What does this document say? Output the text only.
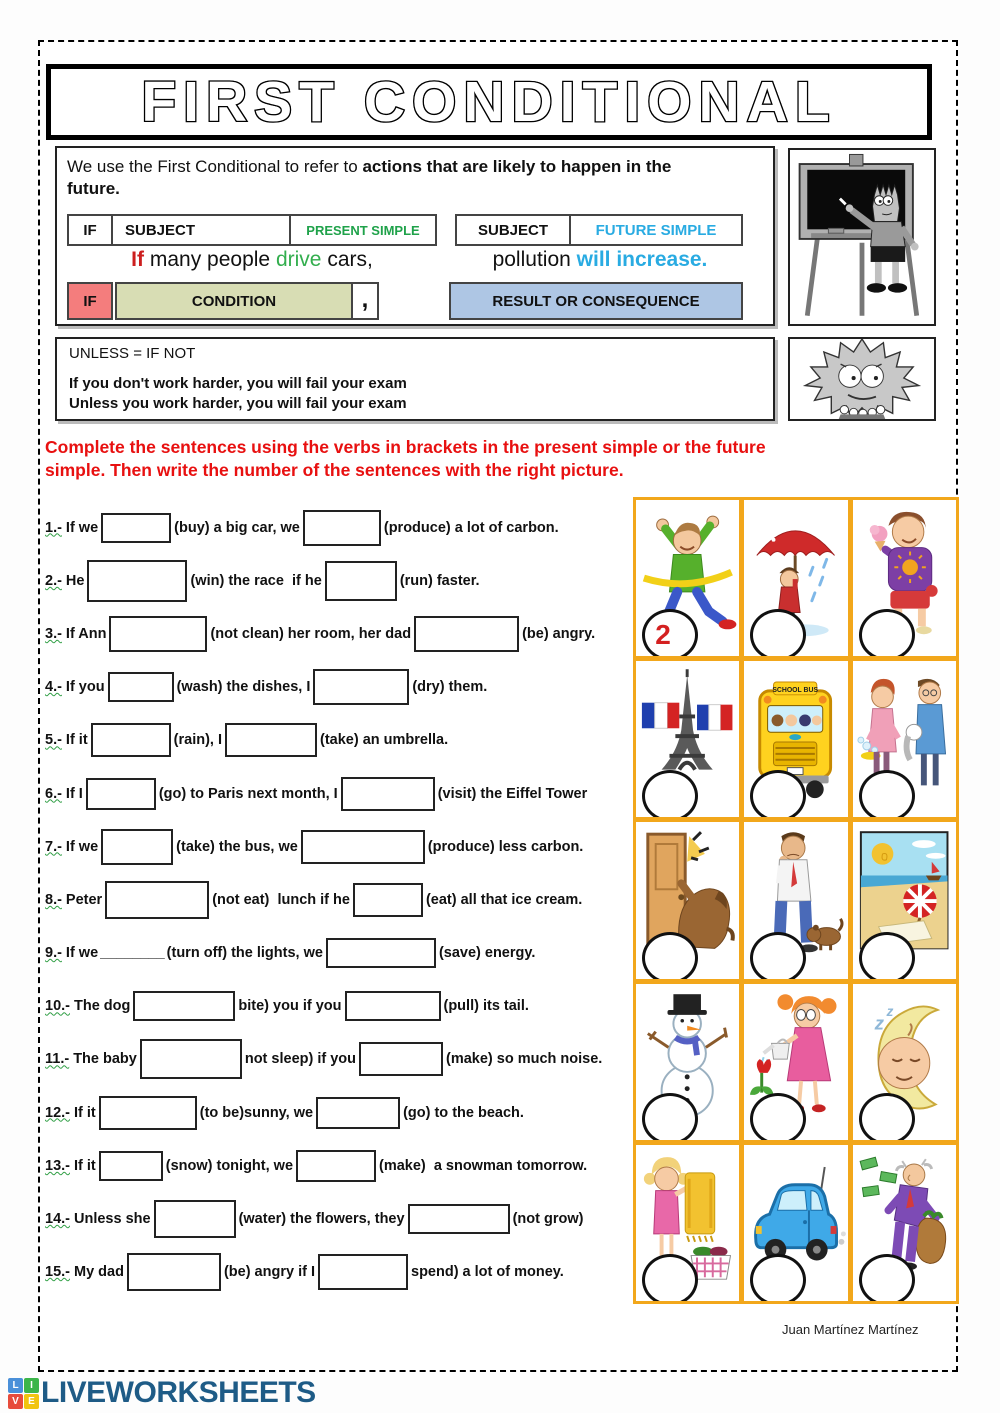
FIRST CONDITIONAL

We use the First Conditional to refer to actions that are likely to happen in the future.

IF	SUBJECT	PRESENT SIMPLE	SUBJECT	FUTURE SIMPLE
If many people drive cars,	pollution will increase.
IF	CONDITION	,	RESULT OR CONSEQUENCE
UNLESS = IF NOT
If you don't work harder, you will fail your exam
Unless you work harder, you will fail your exam
Complete the sentences using the verbs in brackets in the present simple or the future
simple. Then write the number of the sentences with the right picture.
1.- If we	(buy) a big car, we	(produce) a lot of carbon.
2.- He	(win) the race  if he	(run) faster.
3.- If Ann	(not clean) her room, her dad	(be) angry.
4.- If you	(wash) the dishes, I	(dry) them.
5.- If it	(rain), I	(take) an umbrella.
6.- If I	(go) to Paris next month, I	(visit) the Eiffel Tower
7.- If we	(take) the bus, we	(produce) less carbon.
8.- Peter	(not eat)  lunch if he	(eat) all that ice cream.
9.- If we ________ (turn off) the lights, we	(save) energy.
10.- The dog	bite) you if you	(pull) its tail.
11.- The baby	not sleep) if you	(make) so much noise.
12.- If it	(to be)sunny, we	(go) to the beach.
13.- If it	(snow) tonight, we	(make)  a snowman tomorrow.
14.- Unless she	(water) the flowers, they	(not grow)
15.- My dad	(be) angry if I	spend) a lot of money.
2
SCHOOL BUS
z
z
Juan Martínez Martínez
L	I
V E LIVEWORKSHEETS
